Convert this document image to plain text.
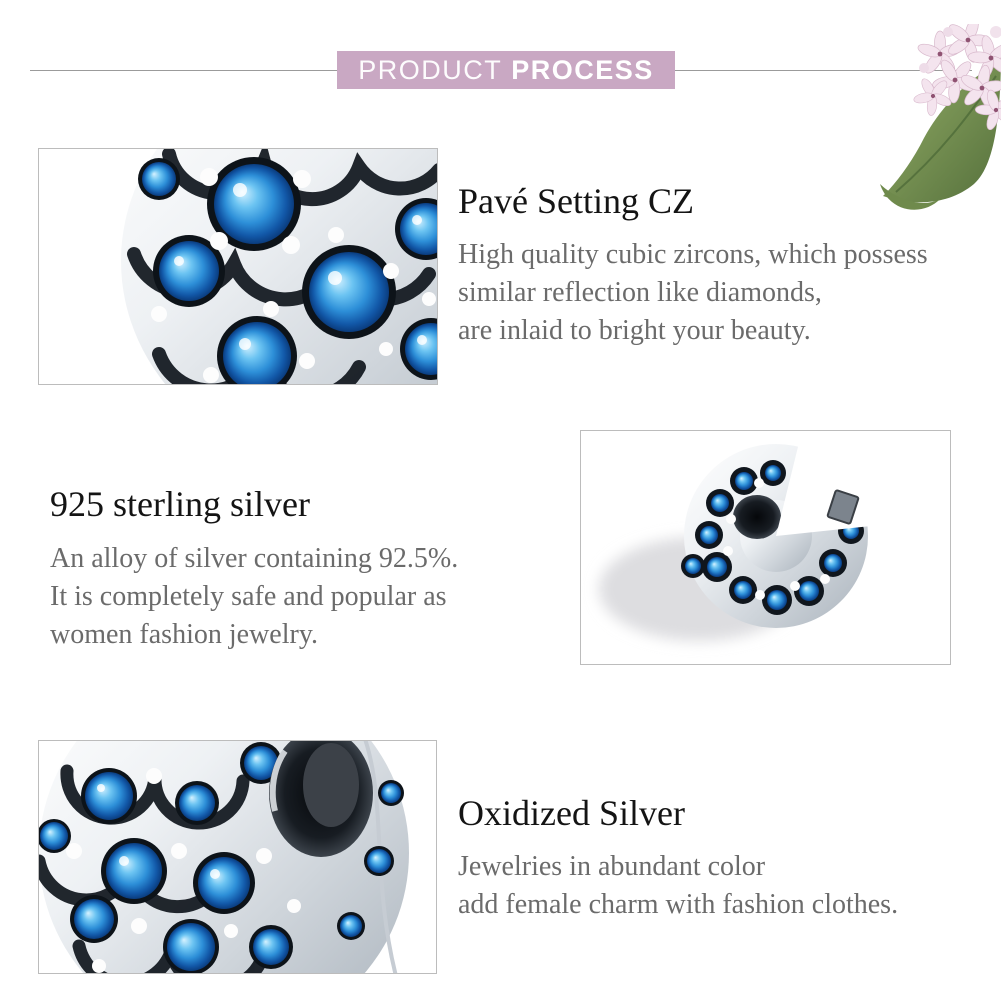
PRODUCT PROCESS
Pavé Setting CZ
High quality cubic zircons, which possess
similar reflection like diamonds,
are inlaid to bright your beauty.
925 sterling silver
An alloy of silver containing 92.5%.
It is completely safe and popular as
women fashion jewelry.
Oxidized Silver
Jewelries in abundant color
add female charm with fashion clothes.
